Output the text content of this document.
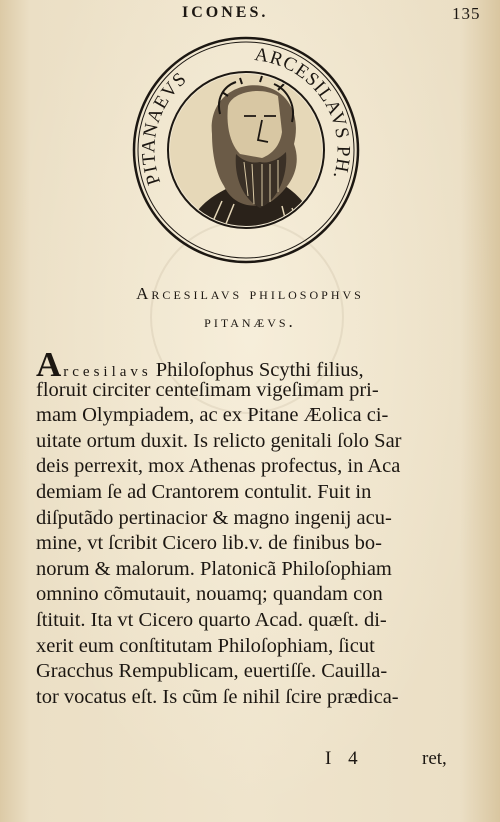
ICONES.	135
PITANAEVS
ARCESILAVS PH.
Arcesilavs philosophvs
pitanævs.
Arcesilavs Philoſophus Scythi filius,
floruit circiter centeſimam vigeſimam pri-
mam Olympiadem, ac ex Pitane Æolica ci-
uitate ortum duxit. Is relicto genitali ſolo Sar
deis perrexit, mox Athenas profectus, in Aca
demiam ſe ad Crantorem contulit. Fuit in
diſputãdo pertinacior & magno ingenij acu-
mine, vt ſcribit Cicero lib.v. de finibus bo-
norum & malorum. Platonicã Philoſophiam
omnino cõmutauit, nouamq; quandam con
ſtituit. Ita vt Cicero quarto Acad. quæſt. di-
xerit eum conſtitutam Philoſophiam, ſicut
Gracchus Rempublicam, euertiſſe. Cauilla-
tor vocatus eſt. Is cũm ſe nihil ſcire prædica-
I 4	ret,
